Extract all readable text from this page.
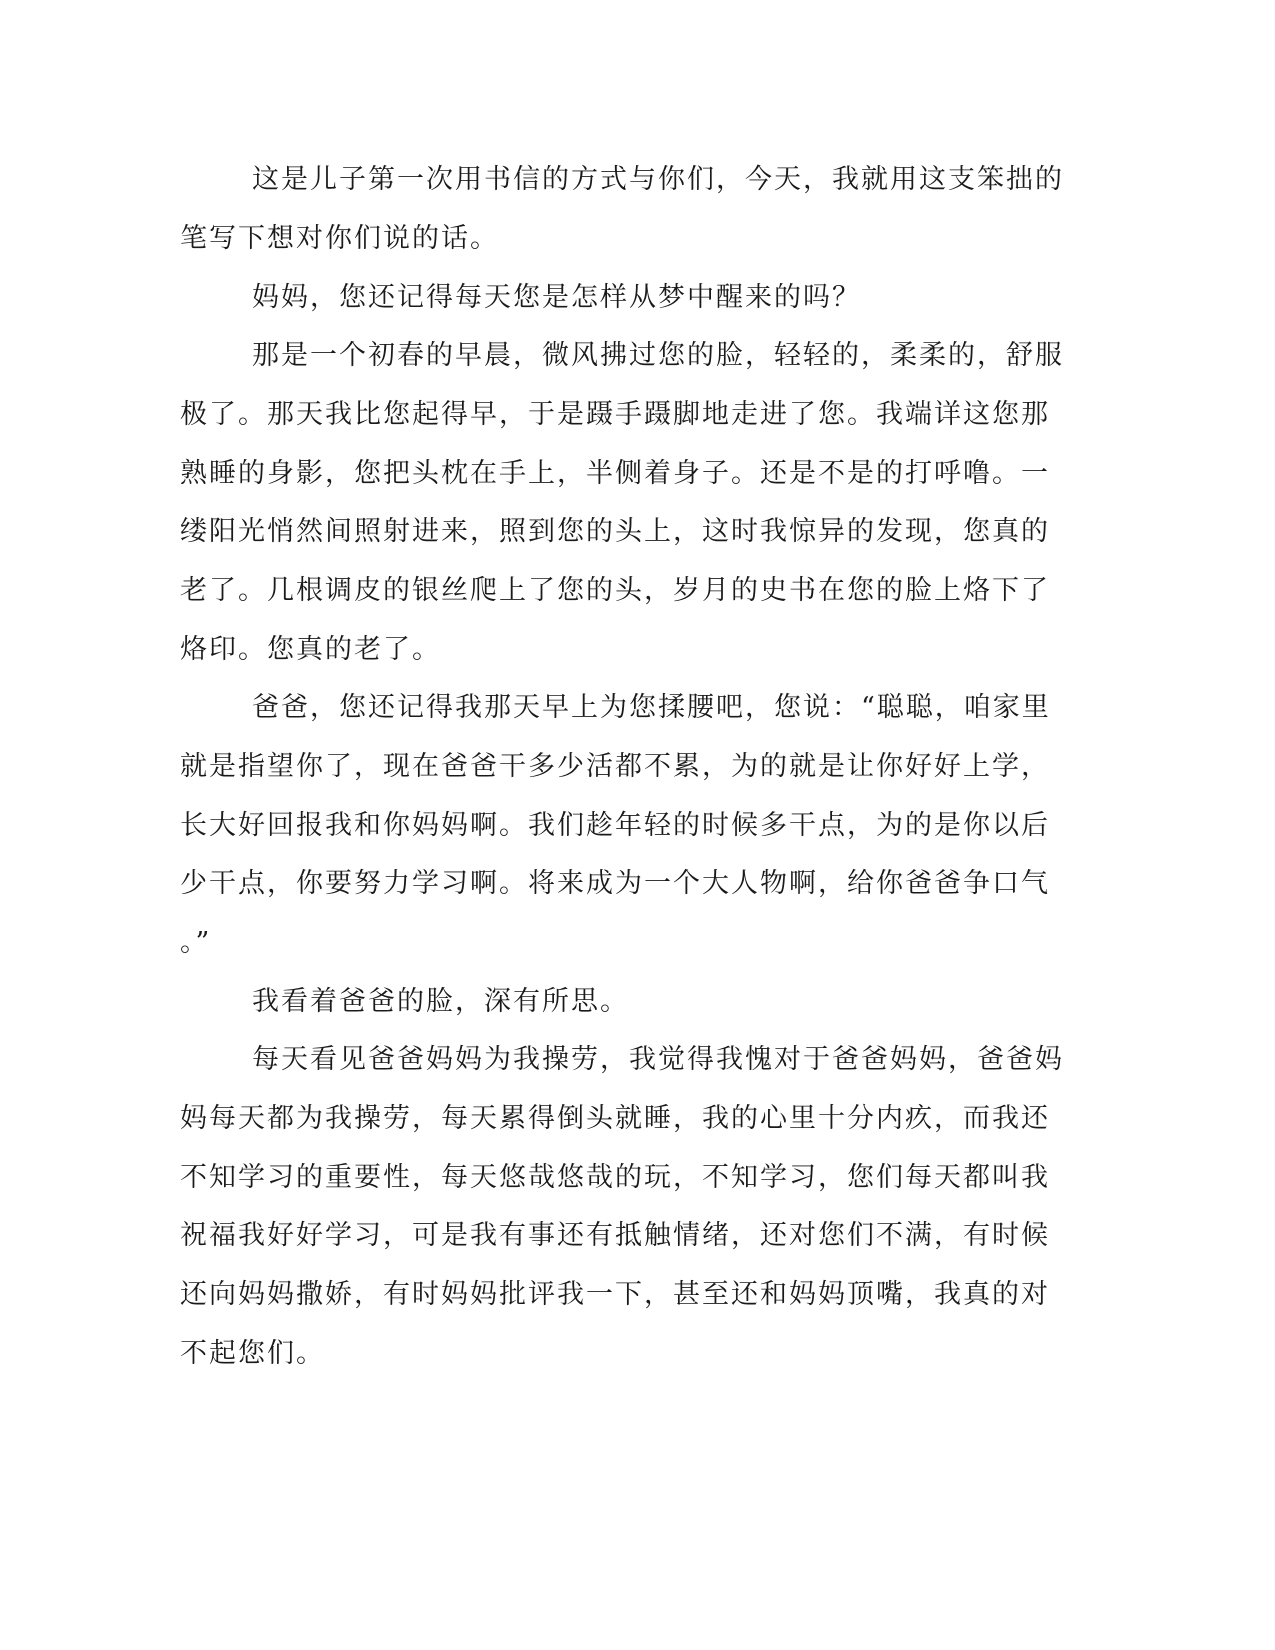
这是儿子第一次用书信的方式与你们，今天，我就用这支笨拙的

笔写下想对你们说的话。

妈妈，您还记得每天您是怎样从梦中醒来的吗？

那是一个初春的早晨，微风拂过您的脸，轻轻的，柔柔的，舒服

极了。那天我比您起得早，于是蹑手蹑脚地走进了您。我端详这您那

熟睡的身影，您把头枕在手上，半侧着身子。还是不是的打呼噜。一

缕阳光悄然间照射进来，照到您的头上，这时我惊异的发现，您真的

老了。几根调皮的银丝爬上了您的头，岁月的史书在您的脸上烙下了

烙印。您真的老了。

爸爸，您还记得我那天早上为您揉腰吧，您说：“聪聪，咱家里

就是指望你了，现在爸爸干多少活都不累，为的就是让你好好上学，

长大好回报我和你妈妈啊。我们趁年轻的时候多干点，为的是你以后

少干点，你要努力学习啊。将来成为一个大人物啊，给你爸爸争口气

。”

我看着爸爸的脸，深有所思。

每天看见爸爸妈妈为我操劳，我觉得我愧对于爸爸妈妈，爸爸妈

妈每天都为我操劳，每天累得倒头就睡，我的心里十分内疚，而我还

不知学习的重要性，每天悠哉悠哉的玩，不知学习，您们每天都叫我

祝福我好好学习，可是我有事还有抵触情绪，还对您们不满，有时候

还向妈妈撒娇，有时妈妈批评我一下，甚至还和妈妈顶嘴，我真的对

不起您们。
